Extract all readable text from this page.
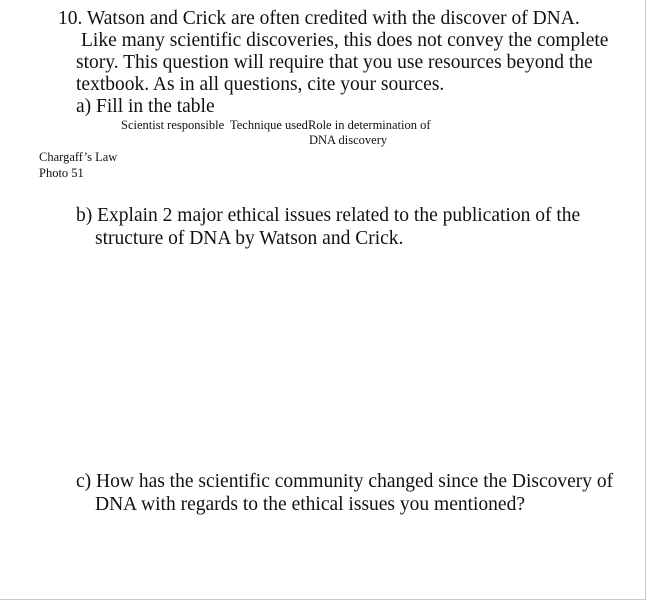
10. Watson and Crick are often credited with the discover of DNA.
Like many scientific discoveries, this does not convey the complete
story. This question will require that you use resources beyond the
textbook. As in all questions, cite your sources.
a) Fill in the table
Scientist responsible Technique used Role in determination of
DNA discovery
Chargaff’s Law
Photo 51
b) Explain 2 major ethical issues related to the publication of the
structure of DNA by Watson and Crick.
c) How has the scientific community changed since the Discovery of
DNA with regards to the ethical issues you mentioned?
